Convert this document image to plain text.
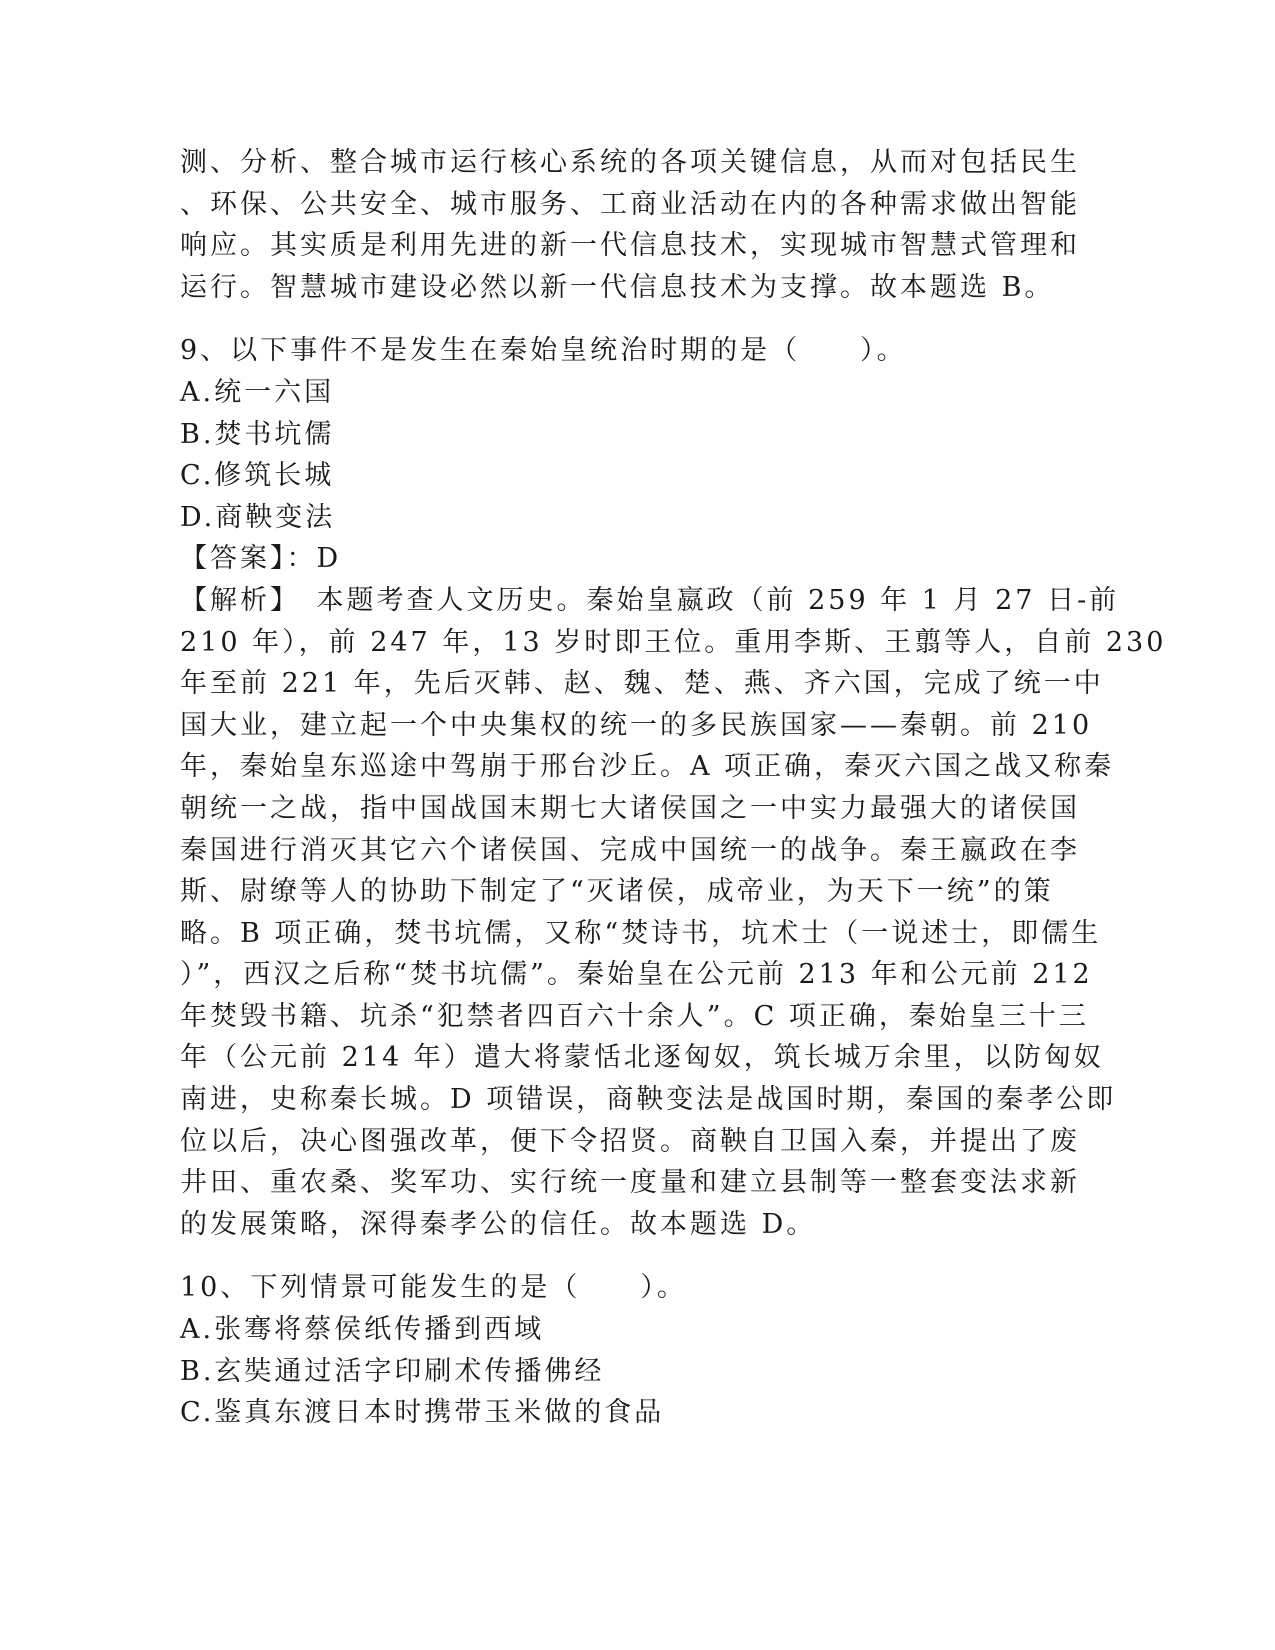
测、分析、整合城市运行核心系统的各项关键信息，从而对包括民生
、环保、公共安全、城市服务、工商业活动在内的各种需求做出智能
响应。其实质是利用先进的新一代信息技术，实现城市智慧式管理和
运行。智慧城市建设必然以新一代信息技术为支撑。故本题选 B。
9、以下事件不是发生在秦始皇统治时期的是（　　）。
A.统一六国
B.焚书坑儒
C.修筑长城
D.商鞅变法
【答案】：D
【解析】　本题考查人文历史。秦始皇嬴政（前 259 年 1 月 27 日-前
210 年），前 247 年，13 岁时即王位。重用李斯、王翦等人，自前 230
年至前 221 年，先后灭韩、赵、魏、楚、燕、齐六国，完成了统一中
国大业，建立起一个中央集权的统一的多民族国家——秦朝。前 210
年，秦始皇东巡途中驾崩于邢台沙丘。A 项正确，秦灭六国之战又称秦
朝统一之战，指中国战国末期七大诸侯国之一中实力最强大的诸侯国
秦国进行消灭其它六个诸侯国、完成中国统一的战争。秦王嬴政在李
斯、尉缭等人的协助下制定了“灭诸侯，成帝业，为天下一统”的策
略。B 项正确，焚书坑儒，又称“焚诗书，坑术士（一说述士，即儒生
）”，西汉之后称“焚书坑儒”。秦始皇在公元前 213 年和公元前 212
年焚毁书籍、坑杀“犯禁者四百六十余人”。C 项正确，秦始皇三十三
年（公元前 214 年）遣大将蒙恬北逐匈奴，筑长城万余里，以防匈奴
南进，史称秦长城。D 项错误，商鞅变法是战国时期，秦国的秦孝公即
位以后，决心图强改革，便下令招贤。商鞅自卫国入秦，并提出了废
井田、重农桑、奖军功、实行统一度量和建立县制等一整套变法求新
的发展策略，深得秦孝公的信任。故本题选 D。
10、下列情景可能发生的是（　　）。
A.张骞将蔡侯纸传播到西域
B.玄奘通过活字印刷术传播佛经
C.鉴真东渡日本时携带玉米做的食品
